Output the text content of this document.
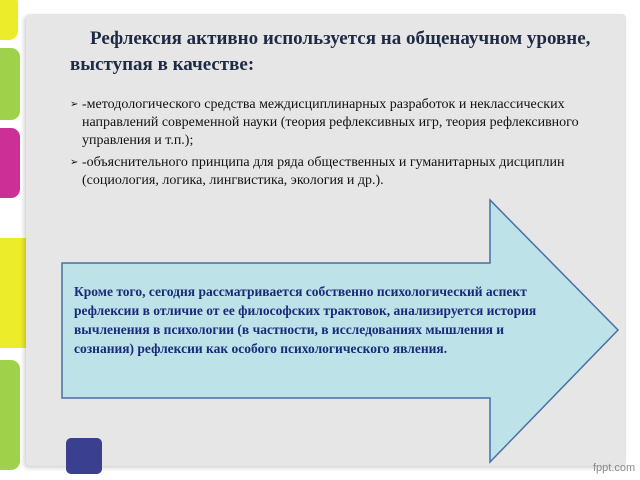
Рефлексия активно используется на общенаучном уровне, выступая в качестве:
➢ -методологического средства междисциплинарных разработок и неклассических направлений современной науки (теория рефлексивных игр, теория рефлексивного управления и т.п.);
➢ -объяснительного принципа для ряда общественных и гуманитарных дисциплин (социология, логика, лингвистика, экология и др.).

Кроме того, сегодня рассматривается собственно психологический аспект рефлексии в отличие от ее философских трактовок, анализируется история вычленения в психологии (в частности, в исследованиях мышления и сознания) рефлексии как особого психологического явления.

fppt.com
